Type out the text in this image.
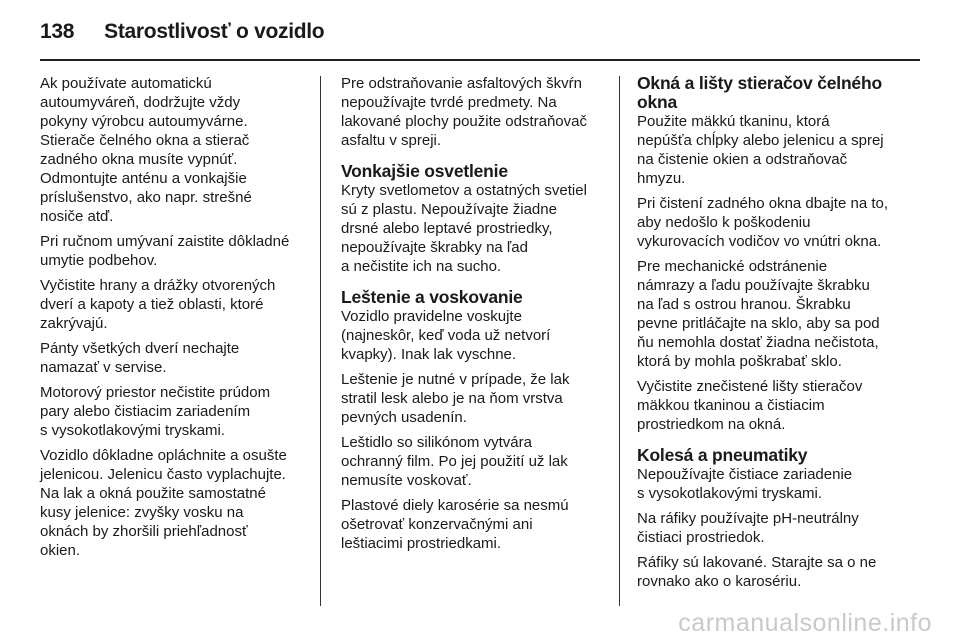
138 Starostlivosť o vozidlo
Ak používate automatickú
autoumyváreň, dodržujte vždy
pokyny výrobcu autoumyvárne.
Stierače čelného okna a stierač
zadného okna musíte vypnúť.
Odmontujte anténu a vonkajšie
príslušenstvo, ako napr. strešné
nosiče atď.
Pri ručnom umývaní zaistite dôkladné
umytie podbehov.
Vyčistite hrany a drážky otvorených
dverí a kapoty a tiež oblasti, ktoré
zakrývajú.
Pánty všetkých dverí nechajte
namazať v servise.
Motorový priestor nečistite prúdom
pary alebo čistiacim zariadením
s vysokotlakovými tryskami.
Vozidlo dôkladne opláchnite a osušte
jelenicou. Jelenicu často vyplachujte.
Na lak a okná použite samostatné
kusy jelenice: zvyšky vosku na
oknách by zhoršili priehľadnosť
okien.
Pre odstraňovanie asfaltových škvŕn
nepoužívajte tvrdé predmety. Na
lakované plochy použite odstraňovač
asfaltu v spreji.
Vonkajšie osvetlenie
Kryty svetlometov a ostatných svetiel
sú z plastu. Nepoužívajte žiadne
drsné alebo leptavé prostriedky,
nepoužívajte škrabky na ľad
a nečistite ich na sucho.
Leštenie a voskovanie
Vozidlo pravidelne voskujte
(najneskôr, keď voda už netvorí
kvapky). Inak lak vyschne.
Leštenie je nutné v prípade, že lak
stratil lesk alebo je na ňom vrstva
pevných usadenín.
Leštidlo so silikónom vytvára
ochranný film. Po jej použití už lak
nemusíte voskovať.
Plastové diely karosérie sa nesmú
ošetrovať konzervačnými ani
leštiacimi prostriedkami.
Okná a lišty stieračov čelného
okna
Použite mäkkú tkaninu, ktorá
nepúšťa chĺpky alebo jelenicu a sprej
na čistenie okien a odstraňovač
hmyzu.
Pri čistení zadného okna dbajte na to,
aby nedošlo k poškodeniu
vykurovacích vodičov vo vnútri okna.
Pre mechanické odstránenie
námrazy a ľadu používajte škrabku
na ľad s ostrou hranou. Škrabku
pevne pritláčajte na sklo, aby sa pod
ňu nemohla dostať žiadna nečistota,
ktorá by mohla poškrabať sklo.
Vyčistite znečistené lišty stieračov
mäkkou tkaninou a čistiacim
prostriedkom na okná.
Kolesá a pneumatiky
Nepoužívajte čistiace zariadenie
s vysokotlakovými tryskami.
Na ráfiky používajte pH-neutrálny
čistiaci prostriedok.
Ráfiky sú lakované. Starajte sa o ne
rovnako ako o karosériu.
carmanualsonline.info
